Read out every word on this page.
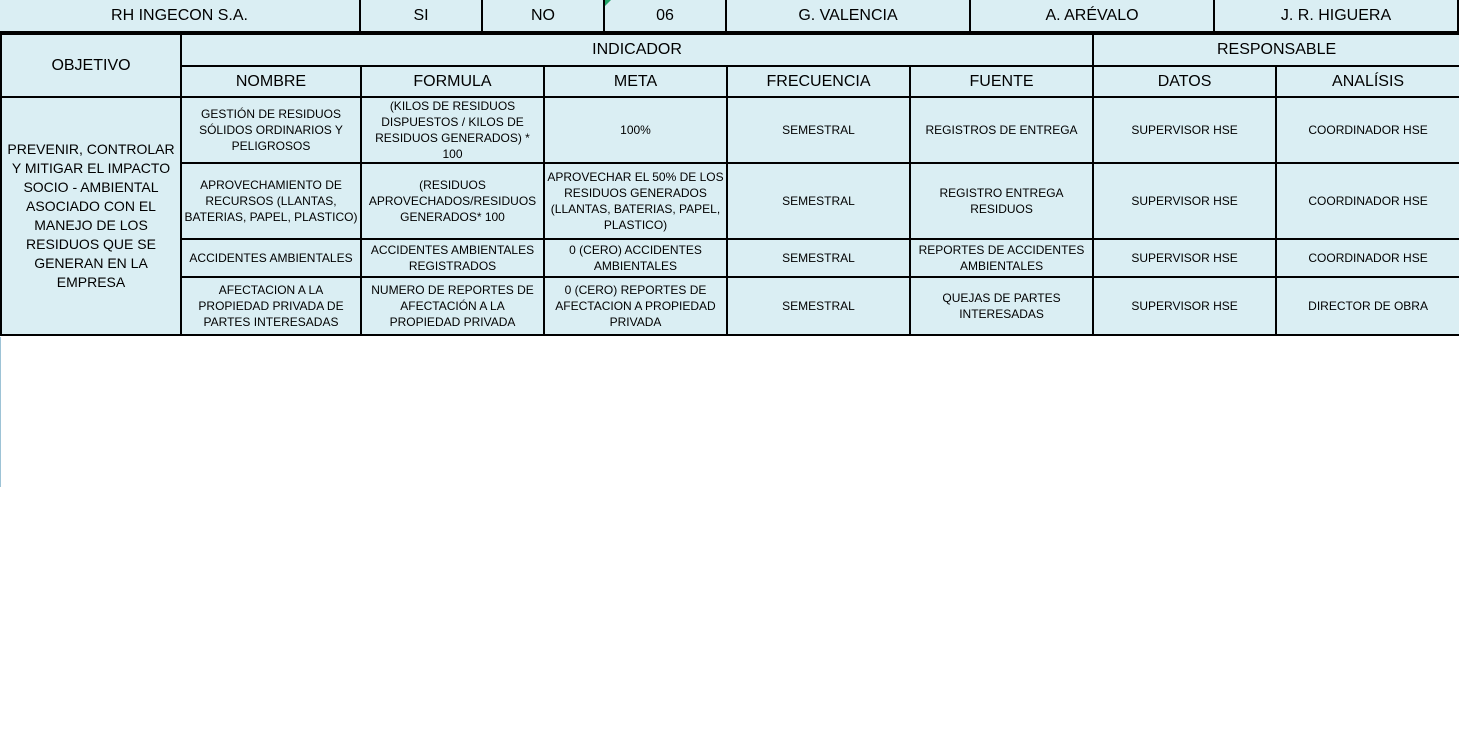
RH INGECON S.A.	SI	NO	06	G. VALENCIA	A. ARÉVALO	J. R. HIGUERA
OBJETIVO	INDICADOR					RESPONSABLE	
	NOMBRE	FORMULA	META	FRECUENCIA	FUENTE	DATOS	ANALÍSIS
PREVENIR, CONTROLAR Y MITIGAR EL IMPACTO SOCIO - AMBIENTAL ASOCIADO CON EL MANEJO DE LOS RESIDUOS QUE SE GENERAN EN LA EMPRESA	GESTIÓN DE RESIDUOS SÓLIDOS ORDINARIOS Y PELIGROSOS	(KILOS DE RESIDUOS DISPUESTOS / KILOS DE RESIDUOS GENERADOS) * 100	100%	SEMESTRAL	REGISTROS DE ENTREGA	SUPERVISOR HSE	COORDINADOR HSE
	APROVECHAMIENTO DE RECURSOS (LLANTAS, BATERIAS, PAPEL, PLASTICO)	(RESIDUOS APROVECHADOS/RESIDUOS GENERADOS* 100	APROVECHAR EL 50% DE LOS RESIDUOS GENERADOS (LLANTAS, BATERIAS, PAPEL, PLASTICO)	SEMESTRAL	REGISTRO ENTREGA RESIDUOS	SUPERVISOR HSE	COORDINADOR HSE
	ACCIDENTES AMBIENTALES	ACCIDENTES AMBIENTALES REGISTRADOS	0 (CERO) ACCIDENTES AMBIENTALES	SEMESTRAL	REPORTES DE ACCIDENTES AMBIENTALES	SUPERVISOR HSE	COORDINADOR HSE
	AFECTACION A LA PROPIEDAD PRIVADA DE PARTES INTERESADAS	NUMERO DE REPORTES DE AFECTACIÓN A LA PROPIEDAD PRIVADA	0 (CERO) REPORTES DE AFECTACION A PROPIEDAD PRIVADA	SEMESTRAL	QUEJAS DE PARTES INTERESADAS	SUPERVISOR HSE	DIRECTOR DE OBRA
